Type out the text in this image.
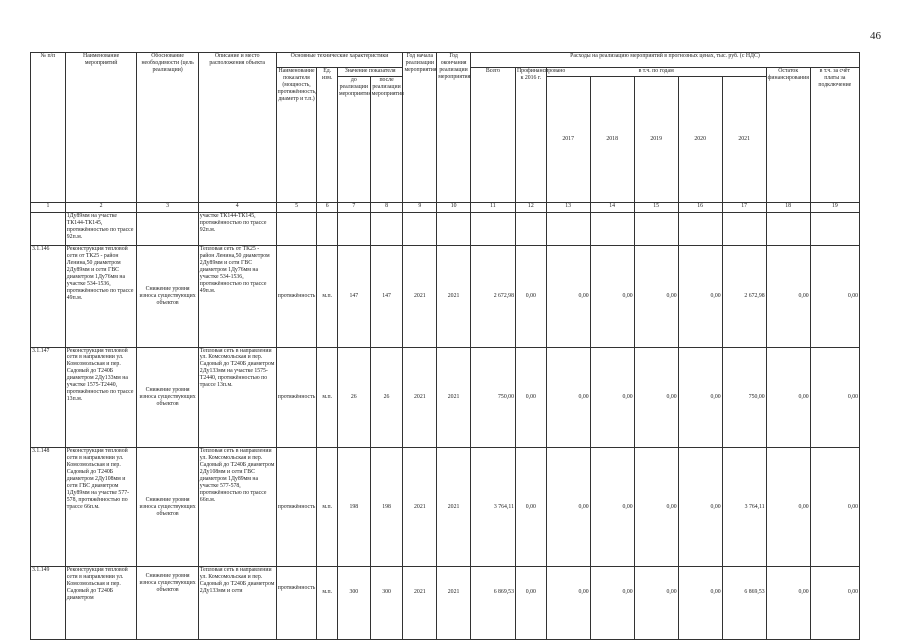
46
№ п/п	Наименование мероприятий	Обоснование необходимости (цель реализации)	Описание и место расположения объекта	Основные технические характеристики				Год начала реализации мероприятия	Год окончания реализации мероприятия	Расходы на реализацию мероприятий в прогнозных ценах, тыс. руб. (с НДС)								
				Наименование показателя (мощность, протяжённость, диаметр и т.п.)	Ед. изм.	Значение показателя				Всего	Профинансировано к 2016 г.	в т.ч. по годам					Остаток финансирования	в т.ч. за счёт платы за подключение
						до реализации мероприятия	после реализации мероприятия					2017	2018	2019	2020	2021		
1	2	3	4	5	6	7	8	9	10	11	12	13	14	15	16	17	18	19
	1Ду89мм на участке ТК144-ТК145, протяжённостью по трассе 92п.м.		участке ТК144-ТК145, протяжённостью по трассе 92п.м.															
3.1.146	Реконструкция тепловой сети от ТК25 - район Ленина,50 диаметром 2Ду89мм и сети ГВС диаметром 1Ду76мм на участке 534-1536, протяжённостью по трассе 49п.м.	Снижение уровня износа существующих объектов	Тепловая сеть от ТК25 - район Ленина,50 диаметром 2Ду89мм и сети ГВС диаметром 1Ду76мм на участке 534-1536, протяжённостью по трассе 49п.м.	протяжённость	м.п.	147	147	2021	2021	2 672,98	0,00	0,00	0,00	0,00	0,00	2 672,98	0,00	0,00
3.1.147	Реконструкция тепловой сети в направлении ул. Комсомольская и пер. Садовый до Т240Б диаметром 2Ду133мм на участке 1575-Т2440, протяжённостью по трассе 13п.м.	Снижение уровня износа существующих объектов	Тепловая сеть в направлении ул. Комсомольская и пер. Садовый до Т240Б диаметром 2Ду133мм на участке 1575-Т2440, протяжённостью по трассе 13п.м.	протяжённость	м.п.	26	26	2021	2021	750,00	0,00	0,00	0,00	0,00	0,00	750,00	0,00	0,00
3.1.148	Реконструкция тепловой сети в направлении ул. Комсомольская и пер. Садовый до Т240Б диаметром 2Ду108мм и сети ГВС диаметром 1Ду89мм на участке 577-578, протяжённостью по трассе 66п.м.	Снижение уровня износа существующих объектов	Тепловая сеть в направлении ул. Комсомольская и пер. Садовый до Т240Б диаметром 2Ду108мм и сети ГВС диаметром 1Ду89мм на участке 577-578, протяжённостью по трассе 66п.м.	протяжённость	м.п.	198	198	2021	2021	3 764,11	0,00	0,00	0,00	0,00	0,00	3 764,11	0,00	0,00
3.1.149	Реконструкция тепловой сети в направлении ул. Комсомольская и пер. Садовый до Т240Б диаметром	Снижение уровня износа существующих объектов	Тепловая сеть в направлении ул. Комсомольская и пер. Садовый до Т240Б диаметром 2Ду133мм и сети	протяжённость	м.п.	300	300	2021	2021	6 869,53	0,00	0,00	0,00	0,00	0,00	6 869,53	0,00	0,00
